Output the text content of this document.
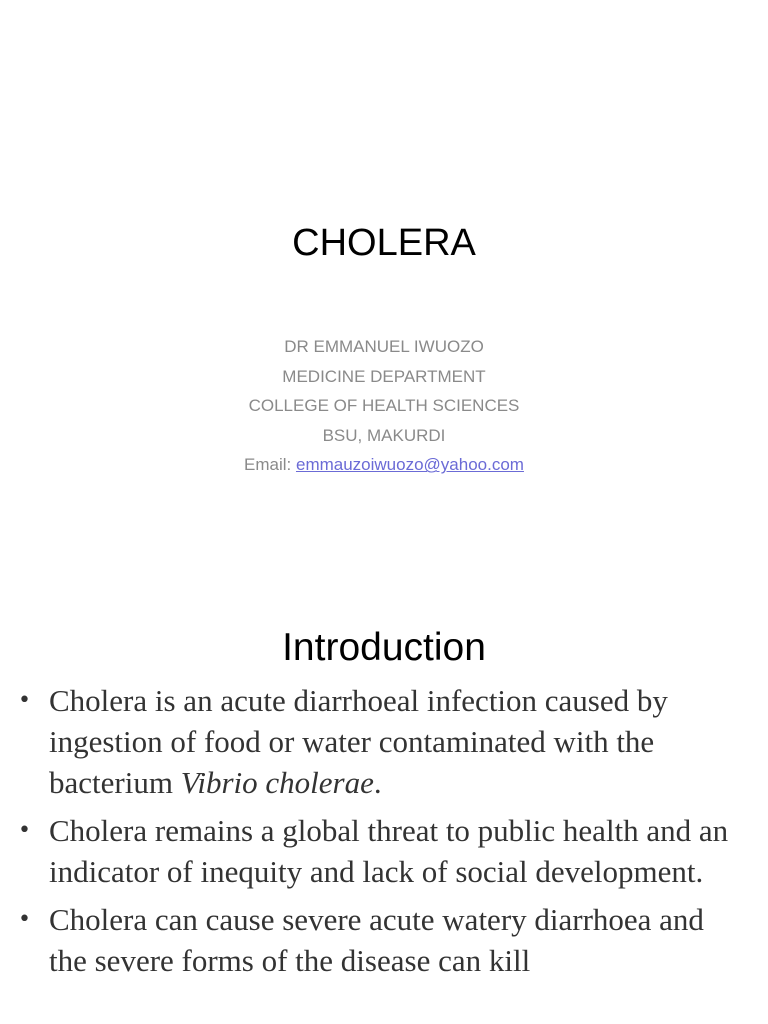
CHOLERA
DR EMMANUEL IWUOZO
MEDICINE DEPARTMENT
COLLEGE OF HEALTH SCIENCES
BSU, MAKURDI
Email: emmauzoiwuozo@yahoo.com
Introduction
• Cholera is an acute diarrhoeal infection caused by ingestion of food or water contaminated with the bacterium Vibrio cholerae.
• Cholera remains a global threat to public health and an indicator of inequity and lack of social development.
• Cholera can cause severe acute watery diarrhoea and the severe forms of the disease can kill
